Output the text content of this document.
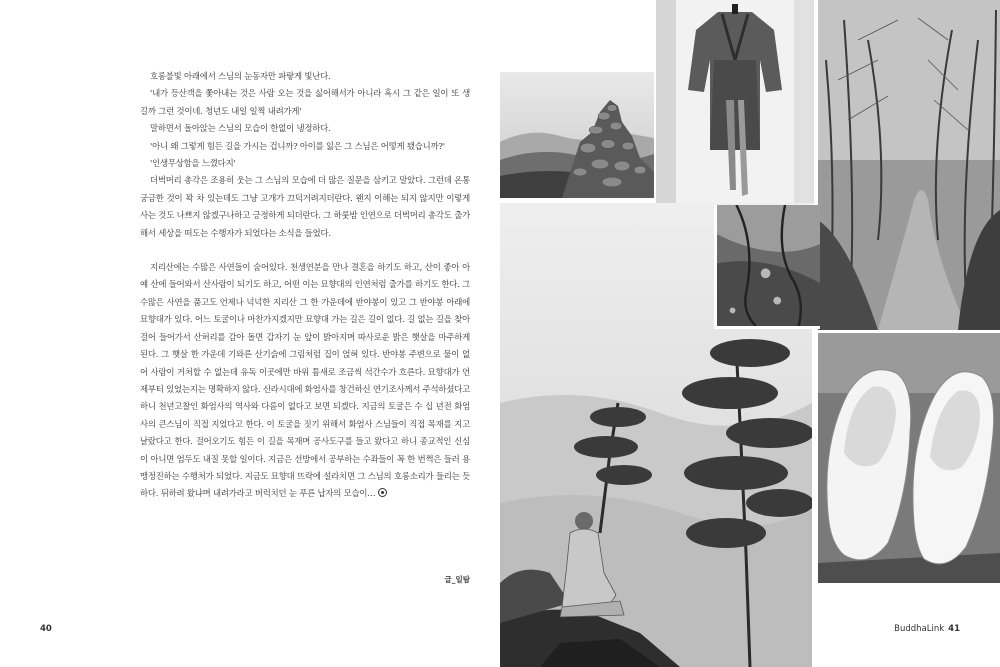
호롱불빛 아래에서 스님의 눈동자만 파랗게 빛난다.

'내가 등산객을 쫓아내는 것은 사람 오는 것을 싫어해서가 아니라 혹시 그 같은 일이 또 생길까 그런 것이네. 청년도 내일 일찍 내려가게'

말하면서 돌아앉는 스님의 모습이 한없이 냉정하다.

'아니 왜 그렇게 힘든 길을 가시는 겁니까? 아이를 잃은 그 스님은 어떻게 됐습니까?'

'인생무상함을 느꼈다지'

더벅머리 총각은 조용히 웃는 그 스님의 모습에 더 많은 질문을 삼키고 말았다. 그런데 온통 궁금한 것이 꽉 차 있는데도 그냥 고개가 끄덕거려지더란다. 왠지 이해는 되지 않지만 이렇게 사는 것도 나쁘지 않겠구나하고 긍정하게 되더란다. 그 하룻밤 인연으로 더벅머리 총각도 출가해서 세상을 떠도는 수행자가 되었다는 소식을 들었다.

지리산에는 수많은 사연들이 숨어있다. 천생연분을 만나 결혼을 하기도 하고, 산이 좋아 아예 산에 들어와서 산사람이 되기도 하고, 어떤 이는 묘향대의 인연처럼 출가를 하기도 한다. 그 수많은 사연을 품고도 언제나 넉넉한 지리산 그 한 가운데에 반야봉이 있고 그 반야봉 아래에 묘향대가 있다. 어느 토굴이나 마찬가지겠지만 묘향대 가는 길은 길이 없다. 길 없는 길을 찾아 걸어 들어가서 산허리를 감아 돌면 갑자기 눈 앞이 밝아지며 따사로운 밝은 햇살을 마주하게 된다. 그 햇살 한 가운데 기와른 산기슭에 그림처럼 집이 얹혀 있다. 반야봉 주변으로 물이 없어 사람이 거처할 수 없는데 유독 이곳에만 바위 틈새로 조금씩 석간수가 흐른다. 묘향대가 언제부터 있었는지는 명확하지 않다. 신라시대에 화엄사를 창건하신 연기조사께서 주석하셨다고 하니 천년고찰인 화엄사의 역사와 다름이 없다고 보면 되겠다. 지금의 토굴은 수 십 년전 화엄사의 큰스님이 직접 지었다고 한다. 이 토굴을 짓기 위해서 화엄사 스님들이 직접 목재를 지고 날랐다고 한다. 걸어오기도 힘든 이 길을 목재며 공사도구를 들고 왔다고 하니 종교적인 신심이 아니면 엄두도 내질 못할 일이다. 지금은 선방에서 공부하는 수좌들이 꼭 한 번쩍은 들러 용맹정진하는 수행처가 되었다. 지금도 묘향대 뜨락에 설라치면 그 스님의 호롱소리가 들리는 듯하다. 뒤하려 왔냐며 내려가라고 버럭치던 눈 푸른 납자의 모습이…

글_일탐
40	BuddhaLink 41
